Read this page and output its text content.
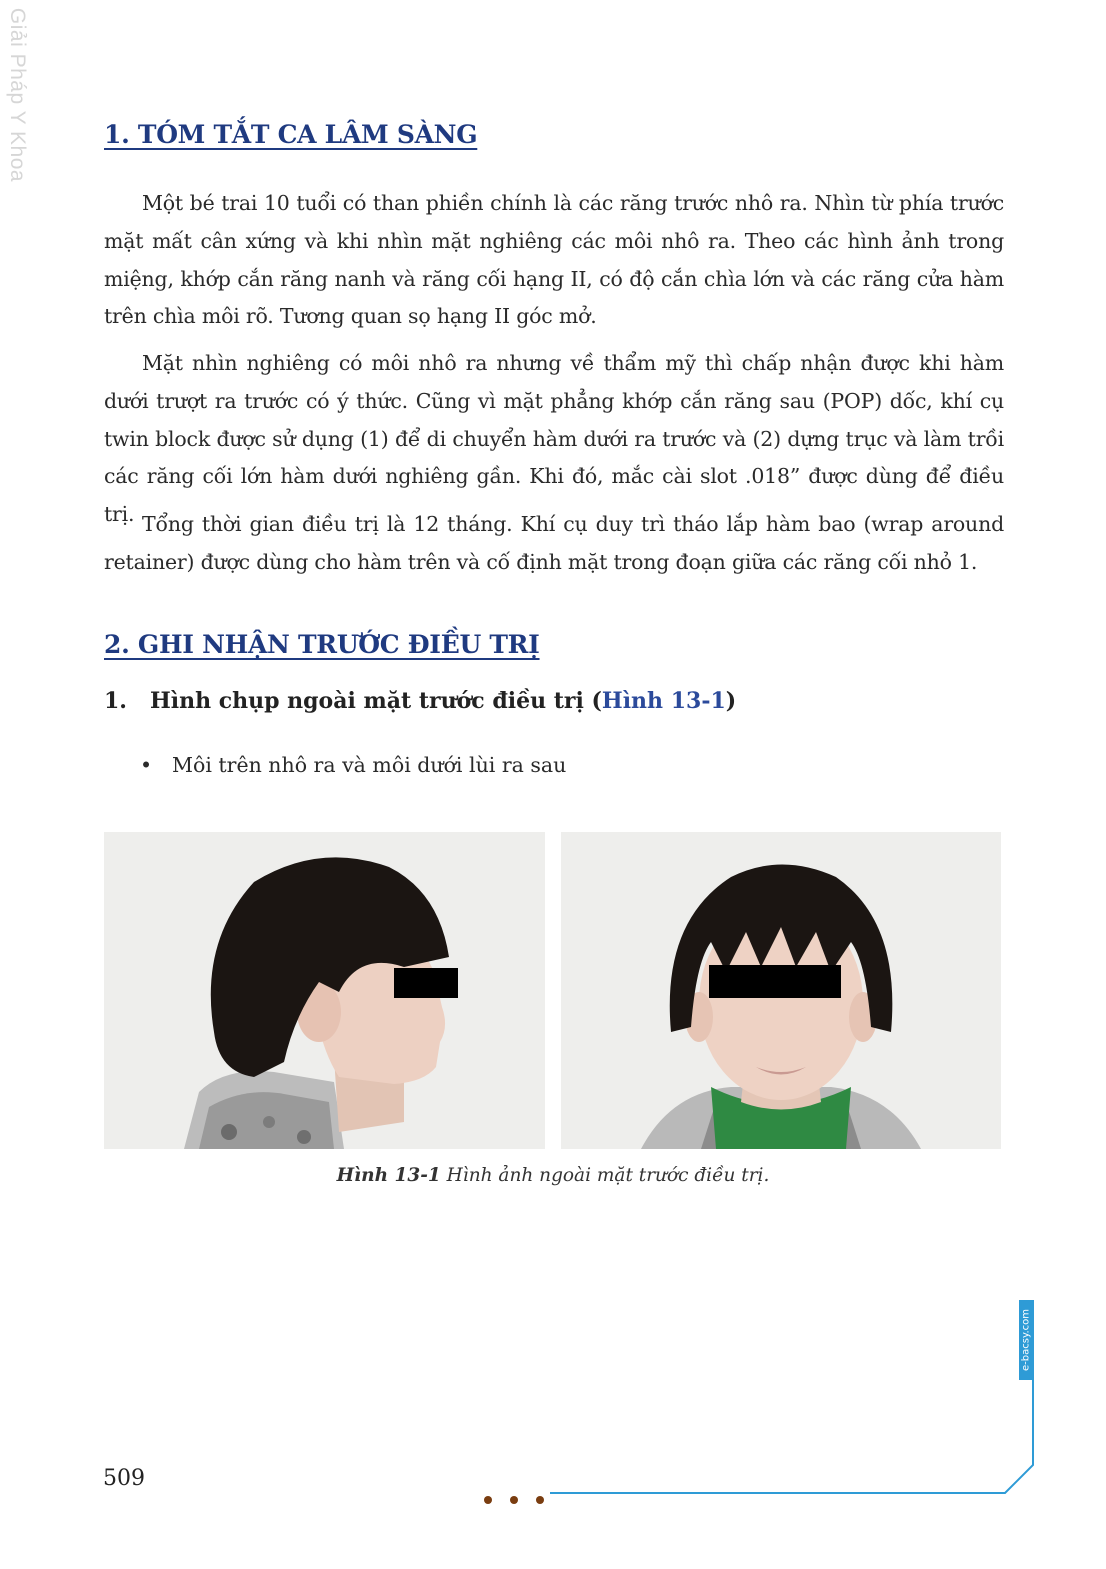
Giải Pháp Y Khoa	1. TÓM TẮT CA LÂM SÀNG

Một bé trai 10 tuổi có than phiền chính là các răng trước nhô ra. Nhìn từ phía trước mặt mất cân xứng và khi nhìn mặt nghiêng các môi nhô ra. Theo các hình ảnh trong miệng, khớp cắn răng nanh và răng cối hạng II, có độ cắn chìa lớn và các răng cửa hàm trên chìa môi rõ. Tương quan sọ hạng II góc mở.

Mặt nhìn nghiêng có môi nhô ra nhưng về thẩm mỹ thì chấp nhận được khi hàm dưới trượt ra trước có ý thức. Cũng vì mặt phẳng khớp cắn răng sau (POP) dốc, khí cụ twin block được sử dụng (1) để di chuyển hàm dưới ra trước và (2) dựng trục và làm trồi các răng cối lớn hàm dưới nghiêng gần. Khi đó, mắc cài slot .018” được dùng để điều trị. Tổng thời gian điều trị là 12 tháng. Khí cụ duy trì tháo lắp hàm bao (wrap around retainer) được dùng cho hàm trên và cố định mặt trong đoạn giữa các răng cối nhỏ 1.

2. GHI NHẬN TRƯỚC ĐIỀU TRỊ
1. Hình chụp ngoài mặt trước điều trị (Hình 13-1)
• Môi trên nhô ra và môi dưới lùi ra sau
Hình 13-1 Hình ảnh ngoài mặt trước điều trị.
e-bacsy.com
509
